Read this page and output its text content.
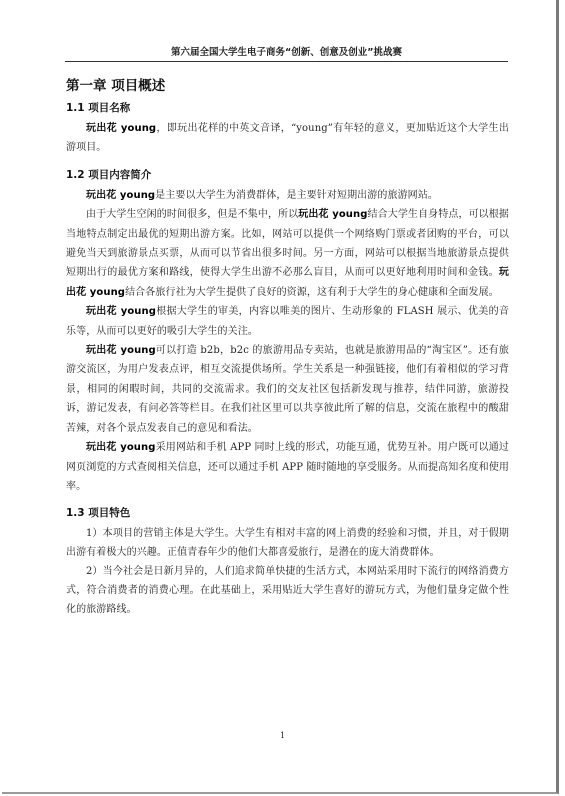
第六届全国大学生电子商务“创新、创意及创业”挑战赛
第一章 项目概述
1.1 项目名称

玩出花 young，即玩出花样的中英文音译，“young”有年轻的意义，更加贴近这个大学生出游项目。

1.2 项目内容简介

玩出花 young是主要以大学生为消费群体，是主要针对短期出游的旅游网站。

由于大学生空闲的时间很多，但是不集中，所以玩出花 young结合大学生自身特点，可以根据当地特点制定出最优的短期出游方案。比如，网站可以提供一个网络购门票或者团购的平台，可以避免当天到旅游景点买票，从而可以节省出很多时间。另一方面，网站可以根据当地旅游景点提供短期出行的最优方案和路线，使得大学生出游不必那么盲目，从而可以更好地利用时间和金钱。玩出花 young结合各旅行社为大学生提供了良好的资源，这有利于大学生的身心健康和全面发展。

玩出花 young根据大学生的审美，内容以唯美的图片、生动形象的 FLASH 展示、优美的音乐等，从而可以更好的吸引大学生的关注。

玩出花 young可以打造 b2b，b2c 的旅游用品专卖站，也就是旅游用品的“淘宝区”。还有旅游交流区，为用户发表点评，相互交流提供场所。学生关系是一种强链接，他们有着相似的学习背景，相同的闲暇时间，共同的交流需求。我们的交友社区包括新发现与推荐，结伴同游，旅游投诉，游记发表，有问必答等栏目。在我们社区里可以共享彼此所了解的信息，交流在旅程中的酸甜苦辣，对各个景点发表自己的意见和看法。

玩出花 young采用网站和手机 APP 同时上线的形式，功能互通，优势互补。用户既可以通过网页浏览的方式查阅相关信息，还可以通过手机 APP 随时随地的享受服务。从而提高知名度和使用率。

1.3 项目特色

1）本项目的营销主体是大学生。大学生有相对丰富的网上消费的经验和习惯，并且，对于假期出游有着极大的兴趣。正值青春年少的他们大都喜爱旅行，是潜在的庞大消费群体。

2）当今社会是日新月异的，人们追求简单快捷的生活方式，本网站采用时下流行的网络消费方式，符合消费者的消费心理。在此基础上，采用贴近大学生喜好的游玩方式，为他们量身定做个性化的旅游路线。

1
